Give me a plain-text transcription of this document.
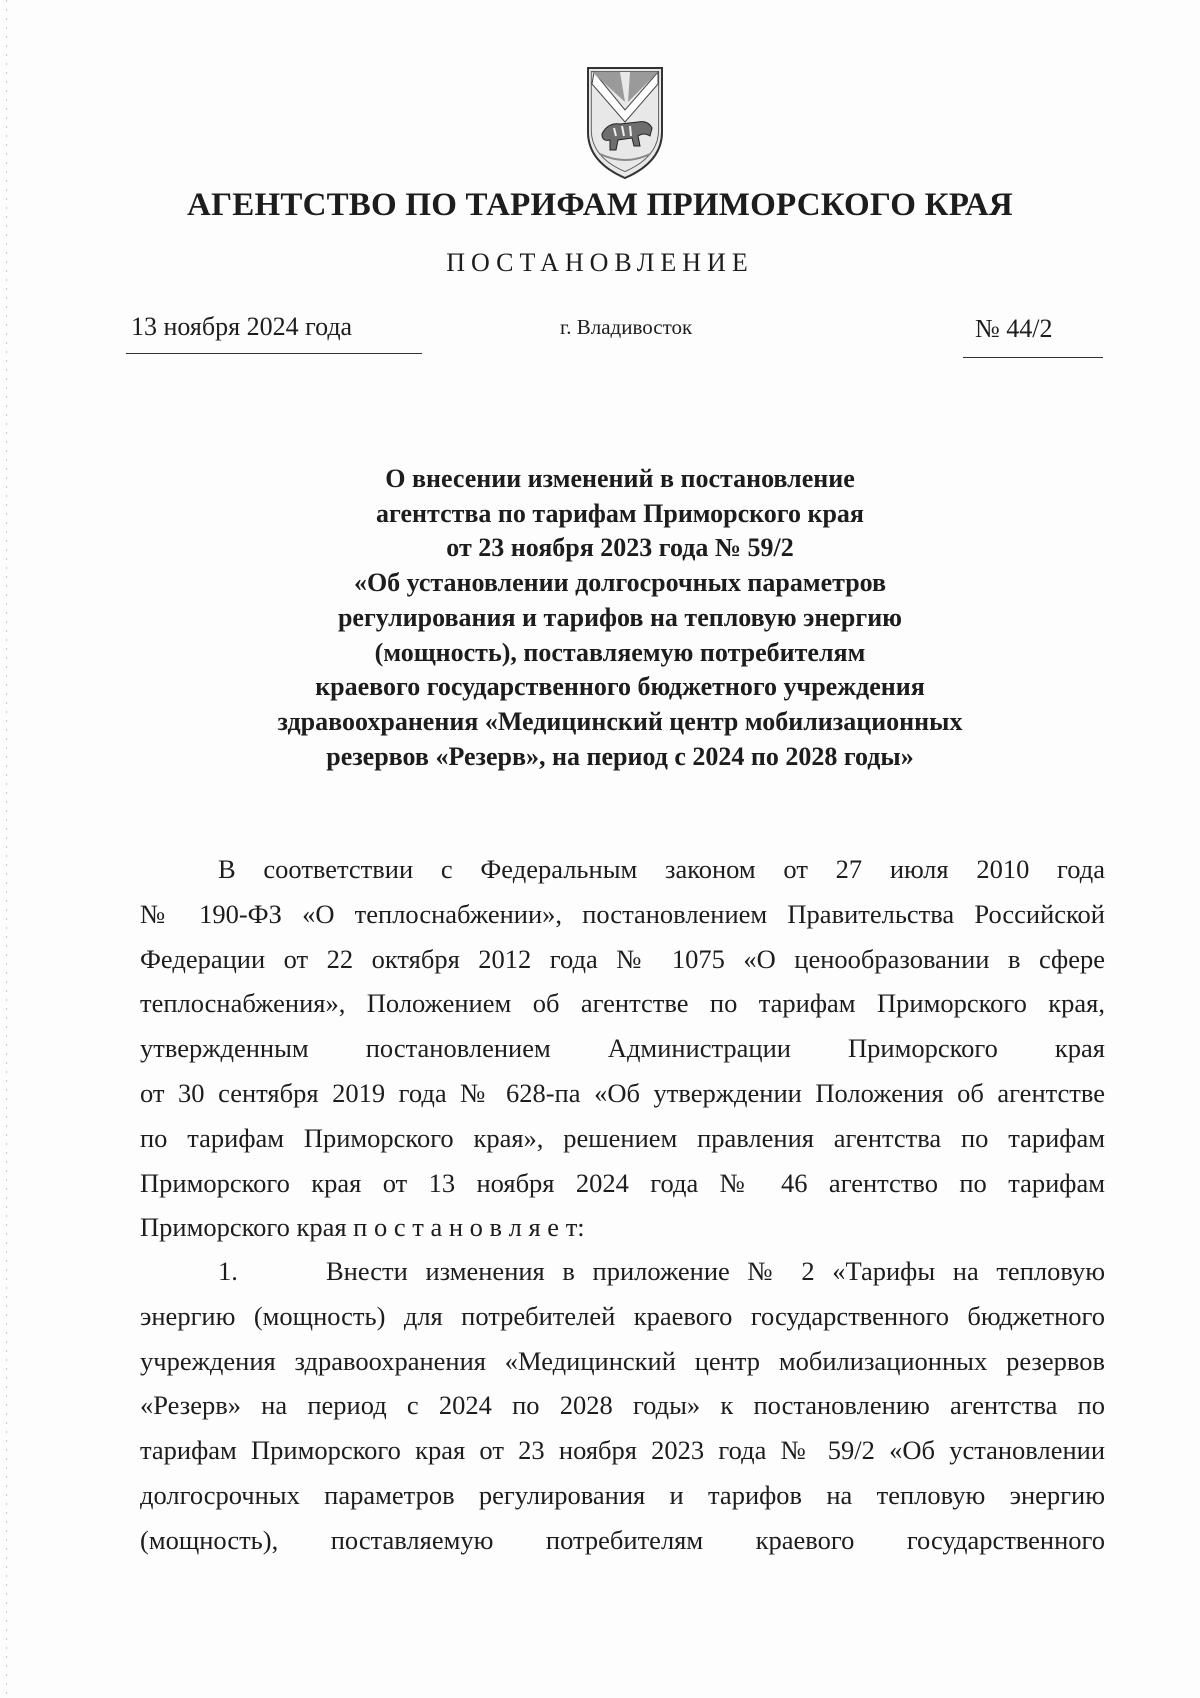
АГЕНТСТВО ПО ТАРИФАМ ПРИМОРСКОГО КРАЯ
ПОСТАНОВЛЕНИЕ
13 ноября 2024 года	г. Владивосток	№ 44/2
О внесении изменений в постановление
агентства по тарифам Приморского края
от 23 ноября 2023 года № 59/2
«Об установлении долгосрочных параметров
регулирования и тарифов на тепловую энергию
(мощность), поставляемую потребителям
краевого государственного бюджетного учреждения
здравоохранения «Медицинский центр мобилизационных
резервов «Резерв», на период с 2024 по 2028 годы»
В соответствии с Федеральным законом от 27 июля 2010 года
№ 190-ФЗ «О теплоснабжении», постановлением Правительства Российской
Федерации от 22 октября 2012 года № 1075 «О ценообразовании в сфере
теплоснабжения», Положением об агентстве по тарифам Приморского края,
утвержденным постановлением Администрации Приморского края
от 30 сентября 2019 года № 628-па «Об утверждении Положения об агентстве
по тарифам Приморского края», решением правления агентства по тарифам
Приморского края от 13 ноября 2024 года № 46 агентство по тарифам
Приморского края п о с т а н о в л я е т:
1.     Внести изменения в приложение № 2 «Тарифы на тепловую
энергию (мощность) для потребителей краевого государственного бюджетного
учреждения здравоохранения «Медицинский центр мобилизационных резервов
«Резерв» на период с 2024 по 2028 годы» к постановлению агентства по
тарифам Приморского края от 23 ноября 2023 года № 59/2 «Об установлении
долгосрочных параметров регулирования и тарифов на тепловую энергию
(мощность), поставляемую потребителям краевого государственного
